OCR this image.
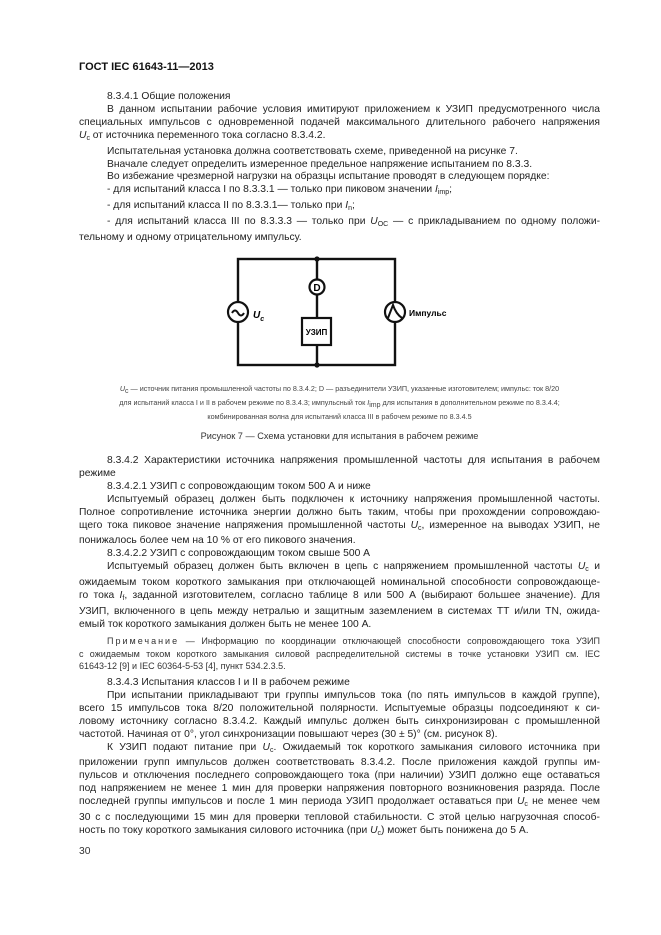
ГОСТ IEC 61643-11—2013
8.3.4.1 Общие положения
В данном испытании рабочие условия имитируют приложением к УЗИП предусмотренного числа
специальных импульсов с одновременной подачей максимального длительного рабочего напряжения
$U_c$ от источника переменного тока согласно 8.3.4.2.
Испытательная установка должна соответствовать схеме, приведенной на рисунке 7.
Вначале следует определить измеренное предельное напряжение испытанием по 8.3.3.
Во избежание чрезмерной нагрузки на образцы испытание проводят в следующем порядке:
- для испытаний класса I по 8.3.3.1 — только при пиковом значении $I_{imp}$;
- для испытаний класса II по 8.3.3.1— только при $I_n$;
- для испытаний класса III по 8.3.3.3 — только при $U_{OC}$ — с прикладыванием по одному положи-
тельному и одному отрицательному импульсу.
$U_c$
D
УЗИП
Импульс
$U_c$ — источник питания промышленной частоты по 8.3.4.2; D — разъединители УЗИП, указанные изготовителем; импульс: ток 8/20
для испытаний класса I и II в рабочем режиме по 8.3.4.3; импульсный ток $I_{imp}$ для испытания в дополнительном режиме по 8.3.4.4;
комбинированная волна для испытаний класса III в рабочем режиме по 8.3.4.5
Рисунок 7 — Схема установки для испытания в рабочем режиме
8.3.4.2 Характеристики источника напряжения промышленной частоты для испытания в рабочем
режиме
8.3.4.2.1 УЗИП с сопровождающим током 500 А и ниже
Испытуемый образец должен быть подключен к источнику напряжения промышленной частоты.
Полное сопротивление источника энергии должно быть таким, чтобы при прохождении сопровождаю-
щего тока пиковое значение напряжения промышленной частоты $U_c$, измеренное на выводах УЗИП, не
понижалось более чем на 10 % от его пикового значения.
8.3.4.2.2 УЗИП с сопровождающим током свыше 500 А
Испытуемый образец должен быть включен в цепь с напряжением промышленной частоты $U_c$ и
ожидаемым током короткого замыкания при отключающей номинальной способности сопровождающе-
го тока $I_f$, заданной изготовителем, согласно таблице 8 или 500 А (выбирают большее значение). Для
УЗИП, включенного в цепь между нетралью и защитным заземлением в системах ТТ и/или TN, ожида-
емый ток короткого замыкания должен быть не менее 100 А.
Примечание — Информацию по координации отключающей способности сопровождающего тока УЗИП
с ожидаемым током короткого замыкания силовой распределительной системы в точке установки УЗИП см. IEC
61643-12 [9] и IEC 60364-5-53 [4], пункт 534.2.3.5.
8.3.4.3 Испытания классов I и II в рабочем режиме
При испытании прикладывают три группы импульсов тока (по пять импульсов в каждой группе),
всего 15 импульсов тока 8/20 положительной полярности. Испытуемые образцы подсоединяют к си-
ловому источнику согласно 8.3.4.2. Каждый импульс должен быть синхронизирован с промышленной
частотой. Начиная от 0°, угол синхронизации повышают через (30 ± 5)° (см. рисунок 8).
К УЗИП подают питание при $U_c$. Ожидаемый ток короткого замыкания силового источника при
приложении групп импульсов должен соответствовать 8.3.4.2. После приложения каждой группы им-
пульсов и отключения последнего сопровождающего тока (при наличии) УЗИП должно еще оставаться
под напряжением не менее 1 мин для проверки напряжения повторного возникновения разряда. После
последней группы импульсов и после 1 мин периода УЗИП продолжает оставаться при $U_c$ не менее чем
30 с с последующими 15 мин для проверки тепловой стабильности. С этой целью нагрузочная способ-
ность по току короткого замыкания силового источника (при $U_c$) может быть понижена до 5 А.
30
